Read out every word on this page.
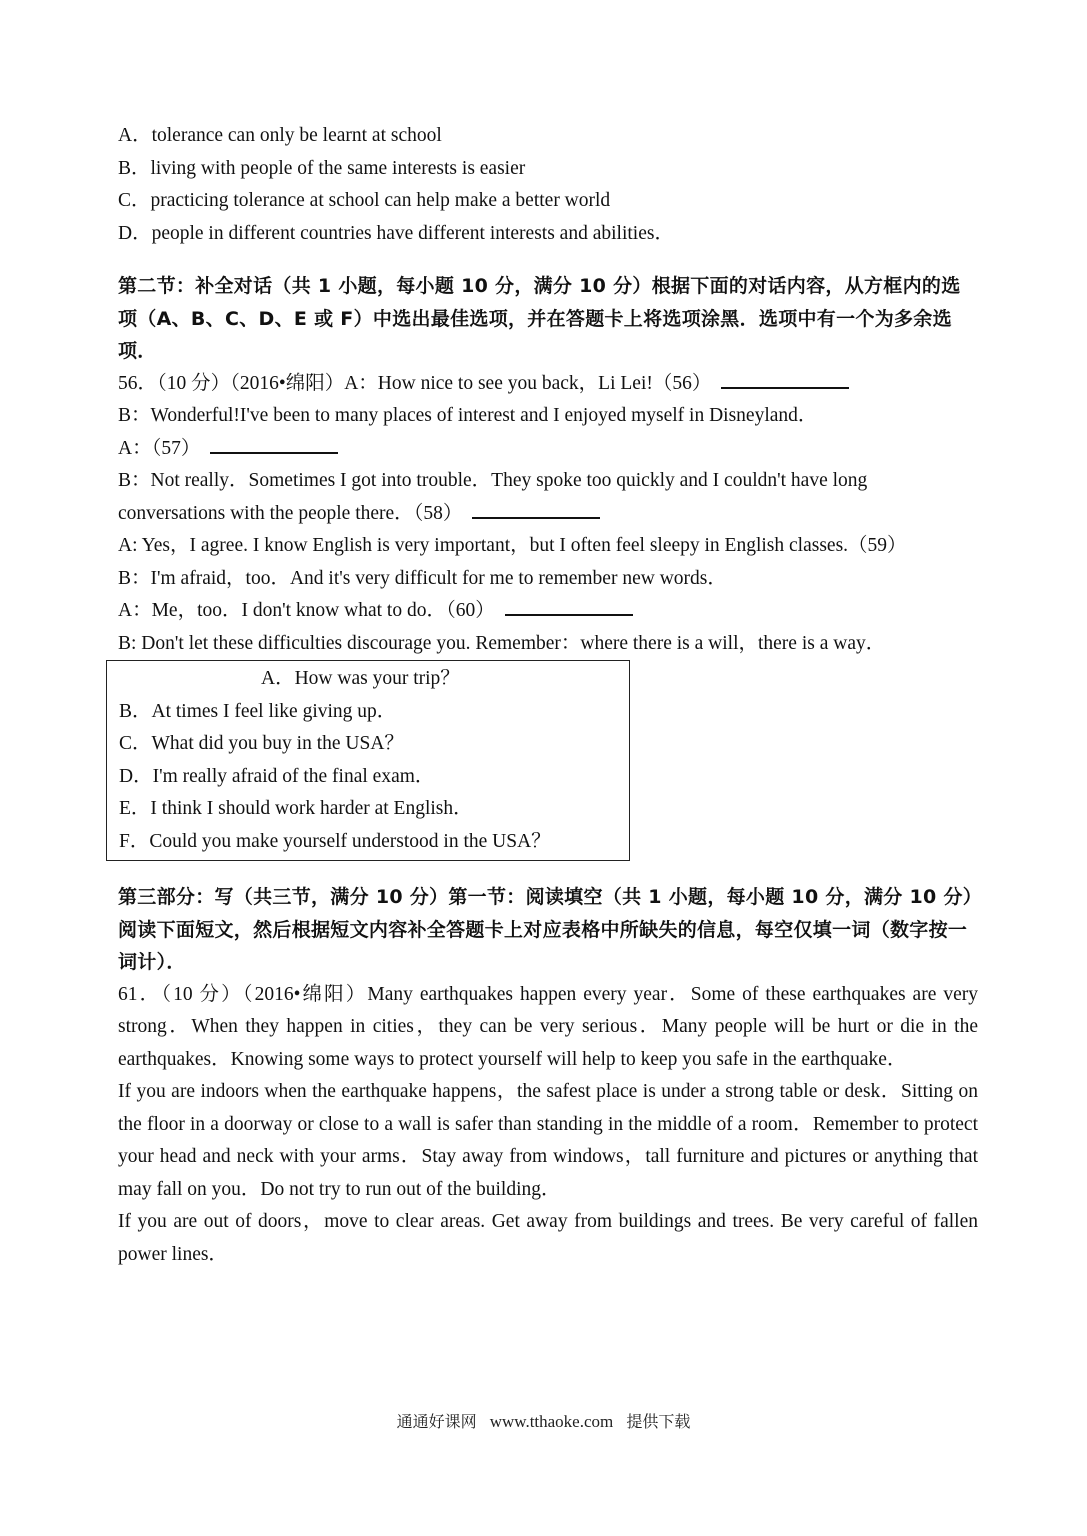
A．tolerance can only be learnt at school
B．living with people of the same interests is easier
C．practicing tolerance at school can help make a better world
D．people in different countries have different interests and abilities．
第二节：补全对话（共 1 小题，每小题 10 分，满分 10 分）根据下面的对话内容，从方框内的选项（A、B、C、D、E 或 F）中选出最佳选项，并在答题卡上将选项涂黑．选项中有一个为多余选项．
56．（10 分）（2016•绵阳）A：How nice to see you back，Li Lei!（56）
B：Wonderful!I've been to many places of interest and I enjoyed myself in Disneyland．
A：（57）
B：Not really．Sometimes I got into trouble．They spoke too quickly and I couldn't have long conversations with the people there．（58）
A: Yes，I agree. I know English is very important，but I often feel sleepy in English classes.（59）
B：I'm afraid，too．And it's very difficult for me to remember new words．
A：Me，too．I don't know what to do．（60）
B: Don't let these difficulties discourage you. Remember：where there is a will，there is a way．
A．How was your trip？
B．At times I feel like giving up．
C．What did you buy in the USA？
D．I'm really afraid of the final exam．
E．I think I should work harder at English．
F．Could you make yourself understood in the USA？
第三部分：写（共三节，满分 10 分）第一节：阅读填空（共 1 小题，每小题 10 分，满分 10 分）阅读下面短文，然后根据短文内容补全答题卡上对应表格中所缺失的信息，每空仅填一词（数字按一词计）．
61．（10 分）（2016•绵阳）Many earthquakes happen every year．Some of these earthquakes are very strong．When they happen in cities，they can be very serious．Many people will be hurt or die in the earthquakes．Knowing some ways to protect yourself will help to keep you safe in the earthquake．
If you are indoors when the earthquake happens，the safest place is under a strong table or desk．Sitting on the floor in a doorway or close to a wall is safer than standing in the middle of a room．Remember to protect your head and neck with your arms．Stay away from windows，tall furniture and pictures or anything that may fall on you．Do not try to run out of the building．
If you are out of doors，move to clear areas. Get away from buildings and trees. Be very careful of fallen power lines．
通通好课网 www.tthaoke.com 提供下载
